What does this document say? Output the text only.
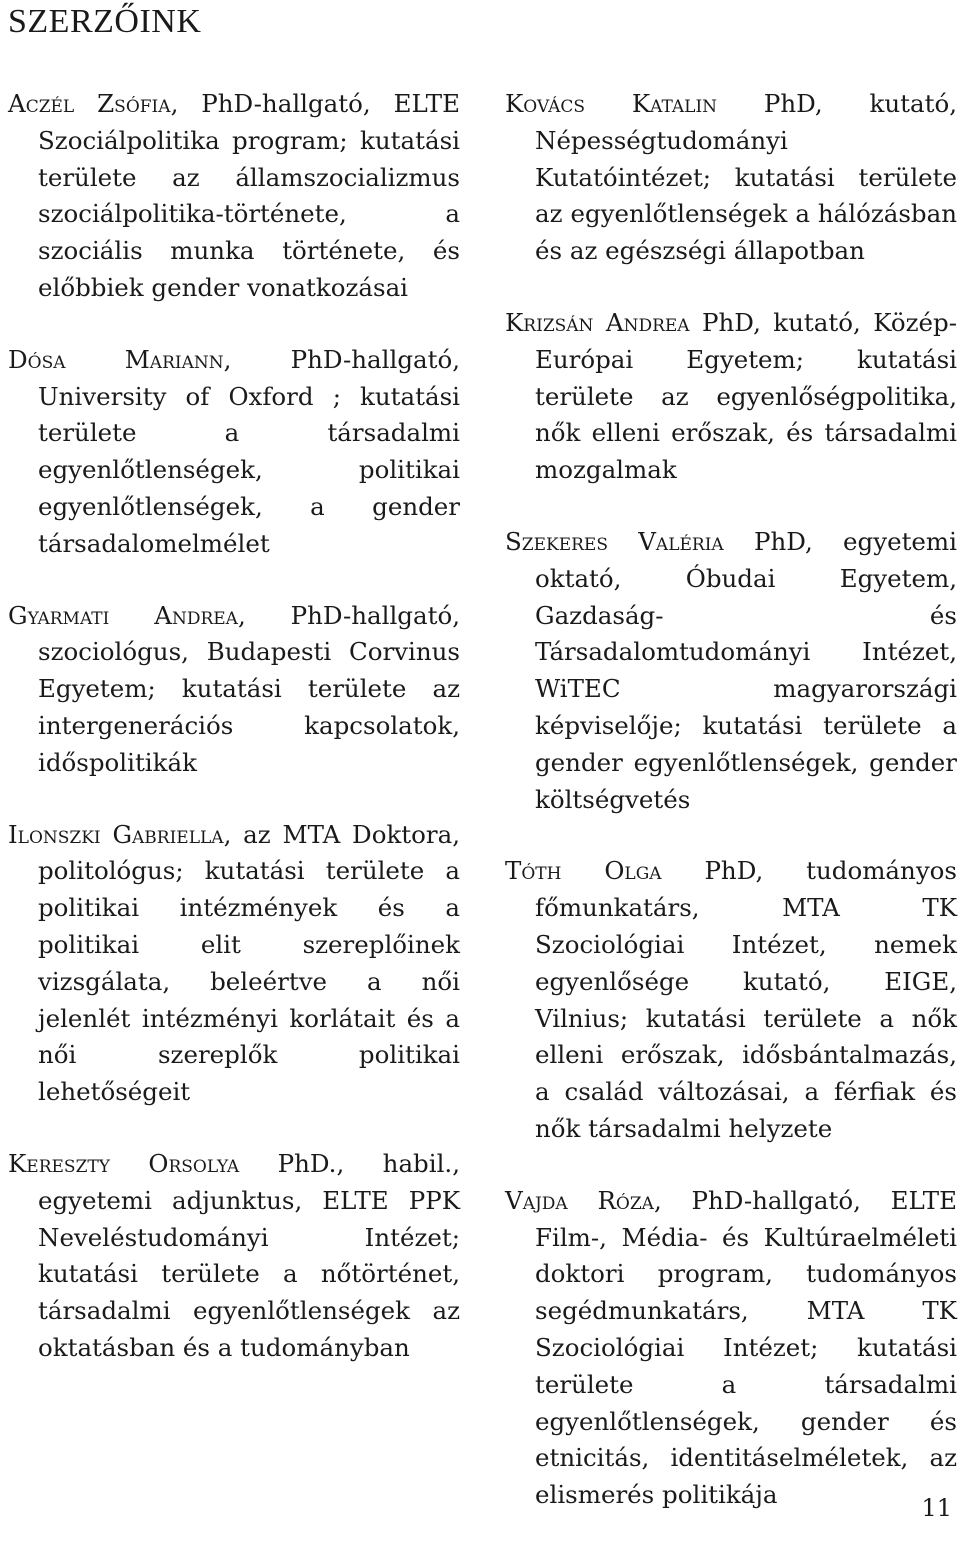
SZERZŐINK

Aczél Zsófia, PhD-hallgató, ELTE Szociálpolitika program; kutatási területe az államszocializmus szociálpolitika-története, a szociális munka története, és előbbiek gender vonatkozásai

Dósa Mariann, PhD-hallgató, University of Oxford ; kutatási területe a társadalmi egyenlőtlenségek, politikai egyenlőtlenségek, a gender társadalomelmélet

Gyarmati Andrea, PhD-hallgató, szociológus, Budapesti Corvinus Egyetem; kutatási területe az intergenerációs kapcsolatok, időspolitikák

Ilonszki Gabriella, az MTA Doktora, politológus; kutatási területe a politikai intézmények és a politikai elit szereplőinek vizsgálata, beleértve a női jelenlét intézményi korlátait és a női szereplők politikai lehetőségeit

Kereszty Orsolya PhD., habil., egyetemi adjunktus, ELTE PPK Neveléstudományi Intézet; kutatási területe a nőtörténet, társadalmi egyenlőtlenségek az oktatásban és a tudományban

Kovács Katalin PhD, kutató, Népességtudományi Kutatóintézet; kutatási területe az egyenlőtlenségek a hálózásban és az egészségi állapotban

Krizsán Andrea PhD, kutató, Közép-Európai Egyetem; kutatási területe az egyenlőségpolitika, nők elleni erőszak, és társadalmi mozgalmak

Szekeres Valéria PhD, egyetemi oktató, Óbudai Egyetem, Gazdaság- és Társadalomtudományi Intézet, WiTEC magyarországi képviselője; kutatási területe a gender egyenlőtlenségek, gender költségvetés

Tóth Olga PhD, tudományos főmunkatárs, MTA TK Szociológiai Intézet, nemek egyenlősége kutató, EIGE, Vilnius; kutatási területe a nők elleni erőszak, idősbántalmazás, a család változásai, a férfiak és nők társadalmi helyzete

Vajda Róza, PhD-hallgató, ELTE Film-, Média- és Kultúraelméleti doktori program, tudományos segédmunkatárs, MTA TK Szociológiai Intézet; kutatási területe a társadalmi egyenlőtlenségek, gender és etnicitás, identitáselméletek, az elismerés politikája	11
